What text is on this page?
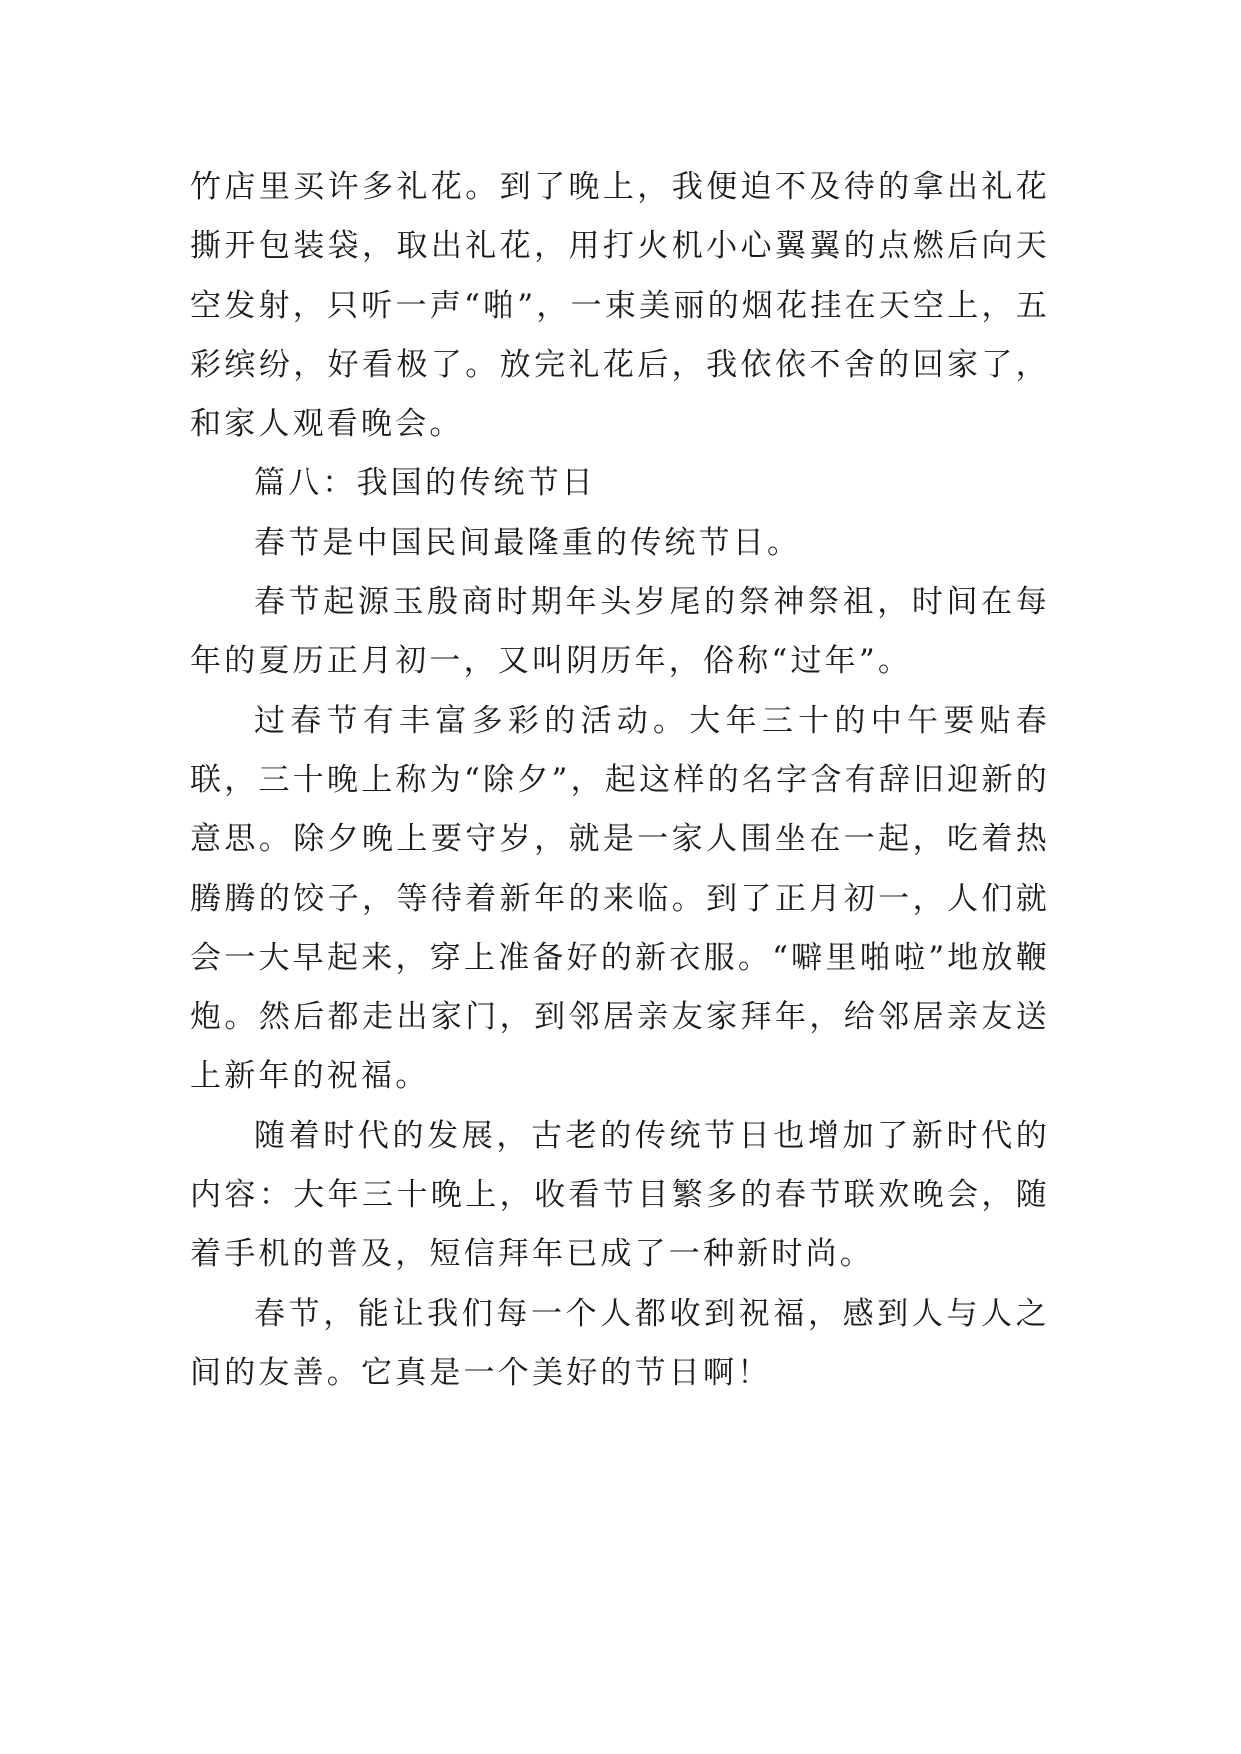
竹店里买许多礼花。到了晚上，我便迫不及待的拿出礼花撕开包装袋，取出礼花，用打火机小心翼翼的点燃后向天空发射，只听一声“啪”，一束美丽的烟花挂在天空上，五彩缤纷，好看极了。放完礼花后，我依依不舍的回家了，和家人观看晚会。

篇八：我国的传统节日

春节是中国民间最隆重的传统节日。

春节起源玉殷商时期年头岁尾的祭神祭祖，时间在每年的夏历正月初一，又叫阴历年，俗称“过年”。

过春节有丰富多彩的活动。大年三十的中午要贴春联，三十晚上称为“除夕”，起这样的名字含有辞旧迎新的意思。除夕晚上要守岁，就是一家人围坐在一起，吃着热腾腾的饺子，等待着新年的来临。到了正月初一，人们就会一大早起来，穿上准备好的新衣服。“噼里啪啦”地放鞭炮。然后都走出家门，到邻居亲友家拜年，给邻居亲友送上新年的祝福。

随着时代的发展，古老的传统节日也增加了新时代的内容：大年三十晚上，收看节目繁多的春节联欢晚会，随着手机的普及，短信拜年已成了一种新时尚。

春节，能让我们每一个人都收到祝福，感到人与人之间的友善。它真是一个美好的节日啊！
